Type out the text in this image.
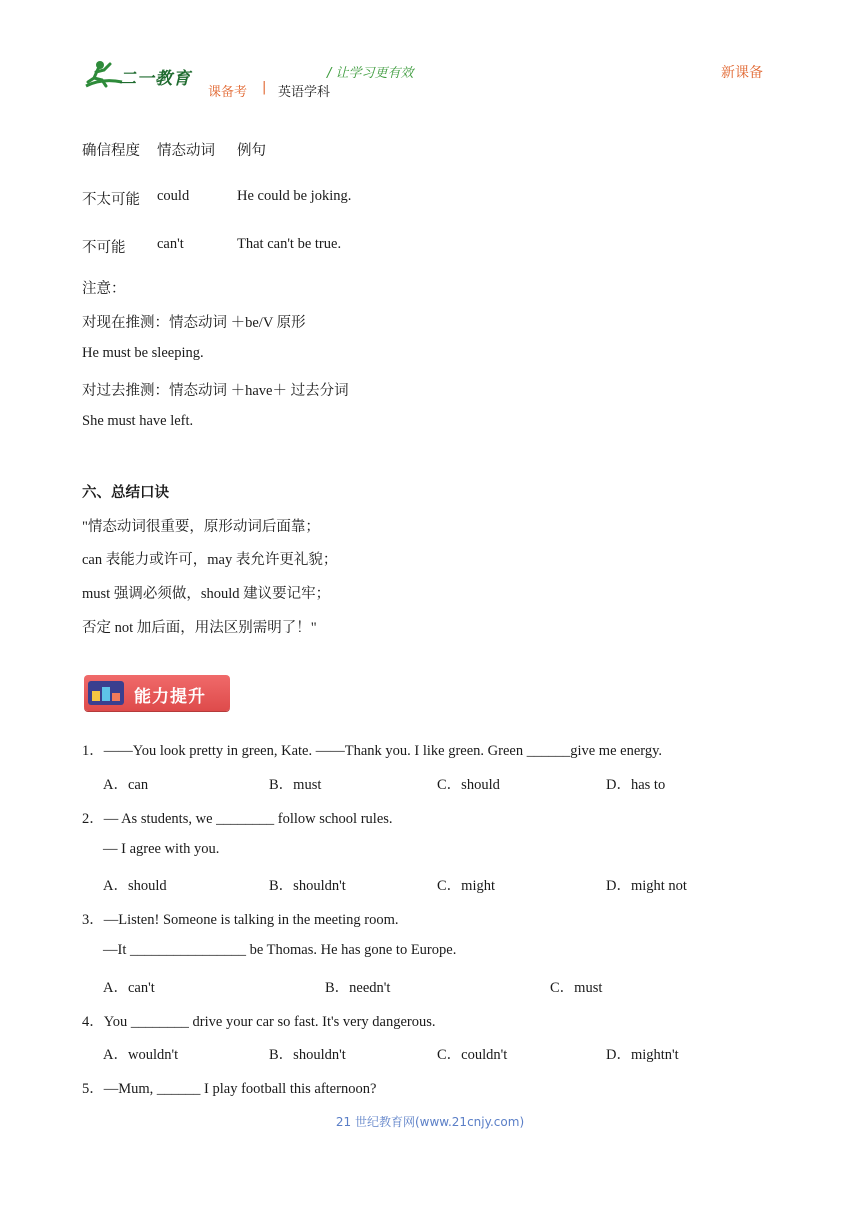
二一教育	/ 让学习更有效	新课备
课备考 | 英语学科
确信程度 情态动词 例句
不太可能 could	He could be joking.
不可能 can't	That can't be true.
注意：
对现在推测：情态动词 ＋be/V 原形
He must be sleeping.
对过去推测：情态动词 ＋have＋ 过去分词
She must have left.
六、总结口诀
"情态动词很重要，原形动词后面靠；
can 表能力或许可，may 表允许更礼貌；
must 强调必须做，should 建议要记牢；
否定 not 加后面，用法区别需明了！"
能力提升
1．——You look pretty in green, Kate. ——Thank you. I like green. Green ______give me energy.
A．can	B．must	C．should	D．has to
2．— As students, we ________ follow school rules.
— I agree with you.
A．should	B．shouldn't	C．might	D．might not
3．—Listen! Someone is talking in the meeting room.
—It ________________ be Thomas. He has gone to Europe.
A．can't	B．needn't	C．must
4．You ________ drive your car so fast. It's very dangerous.
A．wouldn't	B．shouldn't	C．couldn't	D．mightn't
5．—Mum, ______ I play football this afternoon?
21 世纪教育网(www.21cnjy.com)
